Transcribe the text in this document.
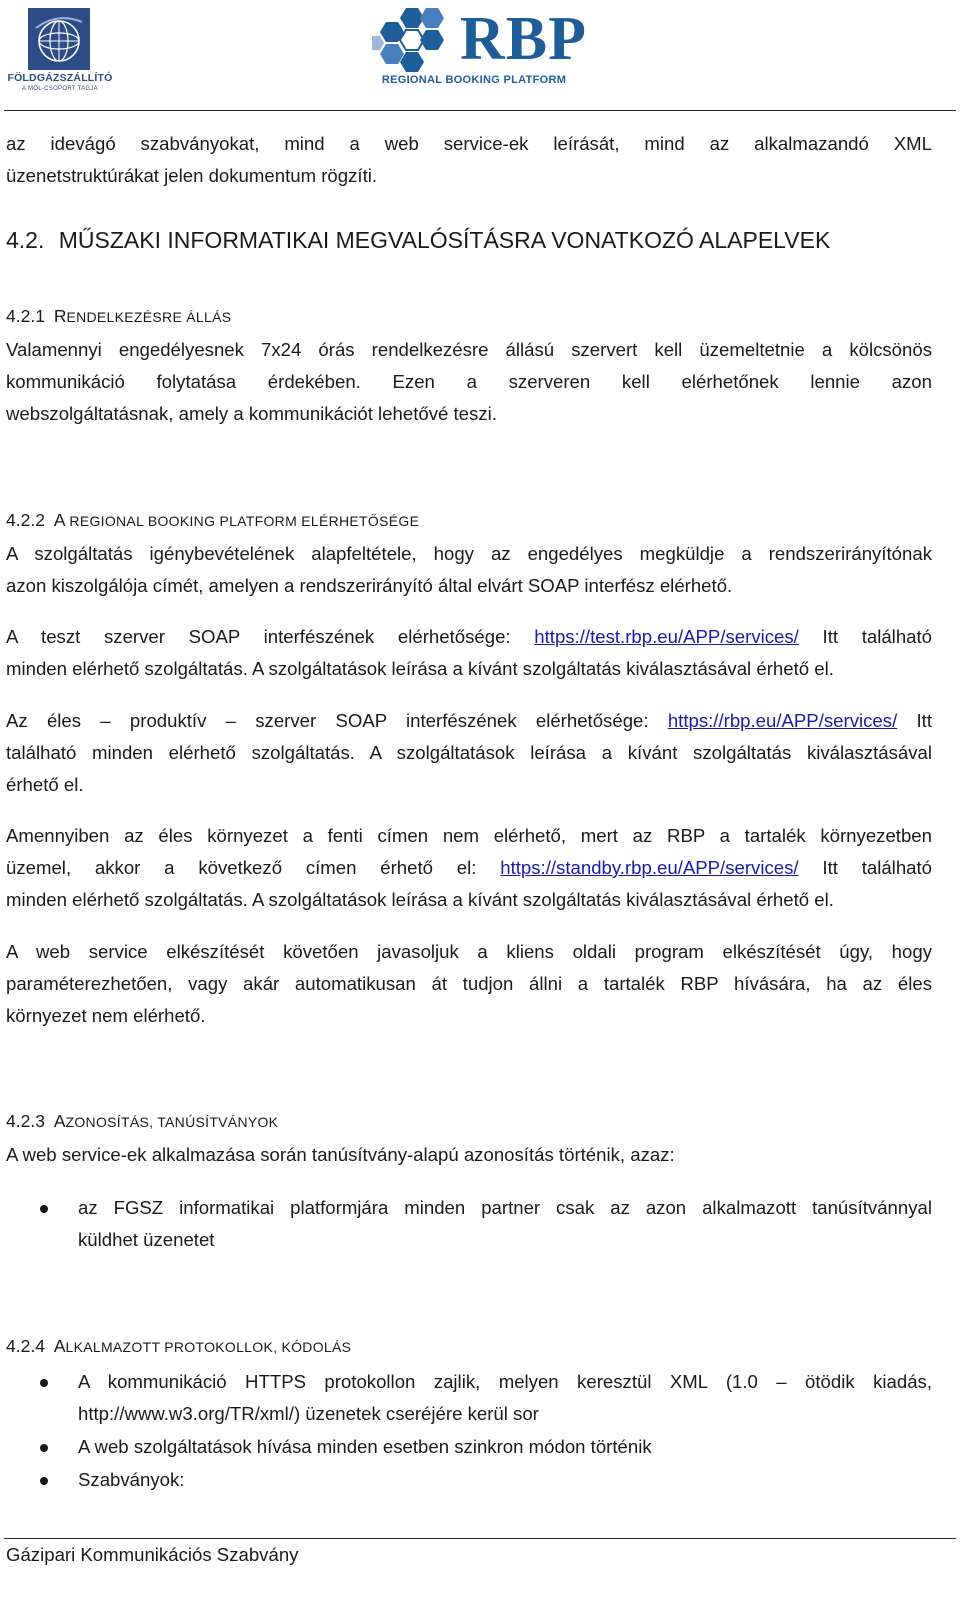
FÖLDGÁZSZÁLLÍTÓ
A MOL-CSOPORT TAGJA
RBP
REGIONAL BOOKING PLATFORM

az idevágó szabványokat, mind a web service-ek leírását, mind az alkalmazandó XML

üzenetstruktúrákat jelen dokumentum rögzíti.

4.2. MŰSZAKI INFORMATIKAI MEGVALÓSÍTÁSRA VONATKOZÓ ALAPELVEK
4.2.1 RENDELKEZÉSRE ÁLLÁS

Valamennyi engedélyesnek 7x24 órás rendelkezésre állású szervert kell üzemeltetnie a kölcsönös

kommunikáció folytatása érdekében. Ezen a szerveren kell elérhetőnek lennie azon

webszolgáltatásnak, amely a kommunikációt lehetővé teszi.

4.2.2 A REGIONAL BOOKING PLATFORM ELÉRHETŐSÉGE

A szolgáltatás igénybevételének alapfeltétele, hogy az engedélyes megküldje a rendszerirányítónak

azon kiszolgálója címét, amelyen a rendszerirányító által elvárt SOAP interfész elérhető.

A teszt szerver SOAP interfészének elérhetősége: https://test.rbp.eu/APP/services/ Itt található

minden elérhető szolgáltatás. A szolgáltatások leírása a kívánt szolgáltatás kiválasztásával érhető el.

Az éles – produktív – szerver SOAP interfészének elérhetősége: https://rbp.eu/APP/services/ Itt

található minden elérhető szolgáltatás. A szolgáltatások leírása a kívánt szolgáltatás kiválasztásával

érhető el.

Amennyiben az éles környezet a fenti címen nem elérhető, mert az RBP a tartalék környezetben

üzemel, akkor a következő címen érhető el: https://standby.rbp.eu/APP/services/ Itt található

minden elérhető szolgáltatás. A szolgáltatások leírása a kívánt szolgáltatás kiválasztásával érhető el.

A web service elkészítését követően javasoljuk a kliens oldali program elkészítését úgy, hogy

paraméterezhetően, vagy akár automatikusan át tudjon állni a tartalék RBP hívására, ha az éles

környezet nem elérhető.

4.2.3 AZONOSÍTÁS, TANÚSÍTVÁNYOK

A web service-ek alkalmazása során tanúsítvány-alapú azonosítás történik, azaz:

az FGSZ informatikai platformjára minden partner csak az azon alkalmazott tanúsítvánnyal

küldhet üzenetet

4.2.4 ALKALMAZOTT PROTOKOLLOK, KÓDOLÁS

A kommunikáció HTTPS protokollon zajlik, melyen keresztül XML (1.0 – ötödik kiadás,

http://www.w3.org/TR/xml/) üzenetek cseréjére kerül sor

A web szolgáltatások hívása minden esetben szinkron módon történik

Szabványok:

Gázipari Kommunikációs Szabvány
